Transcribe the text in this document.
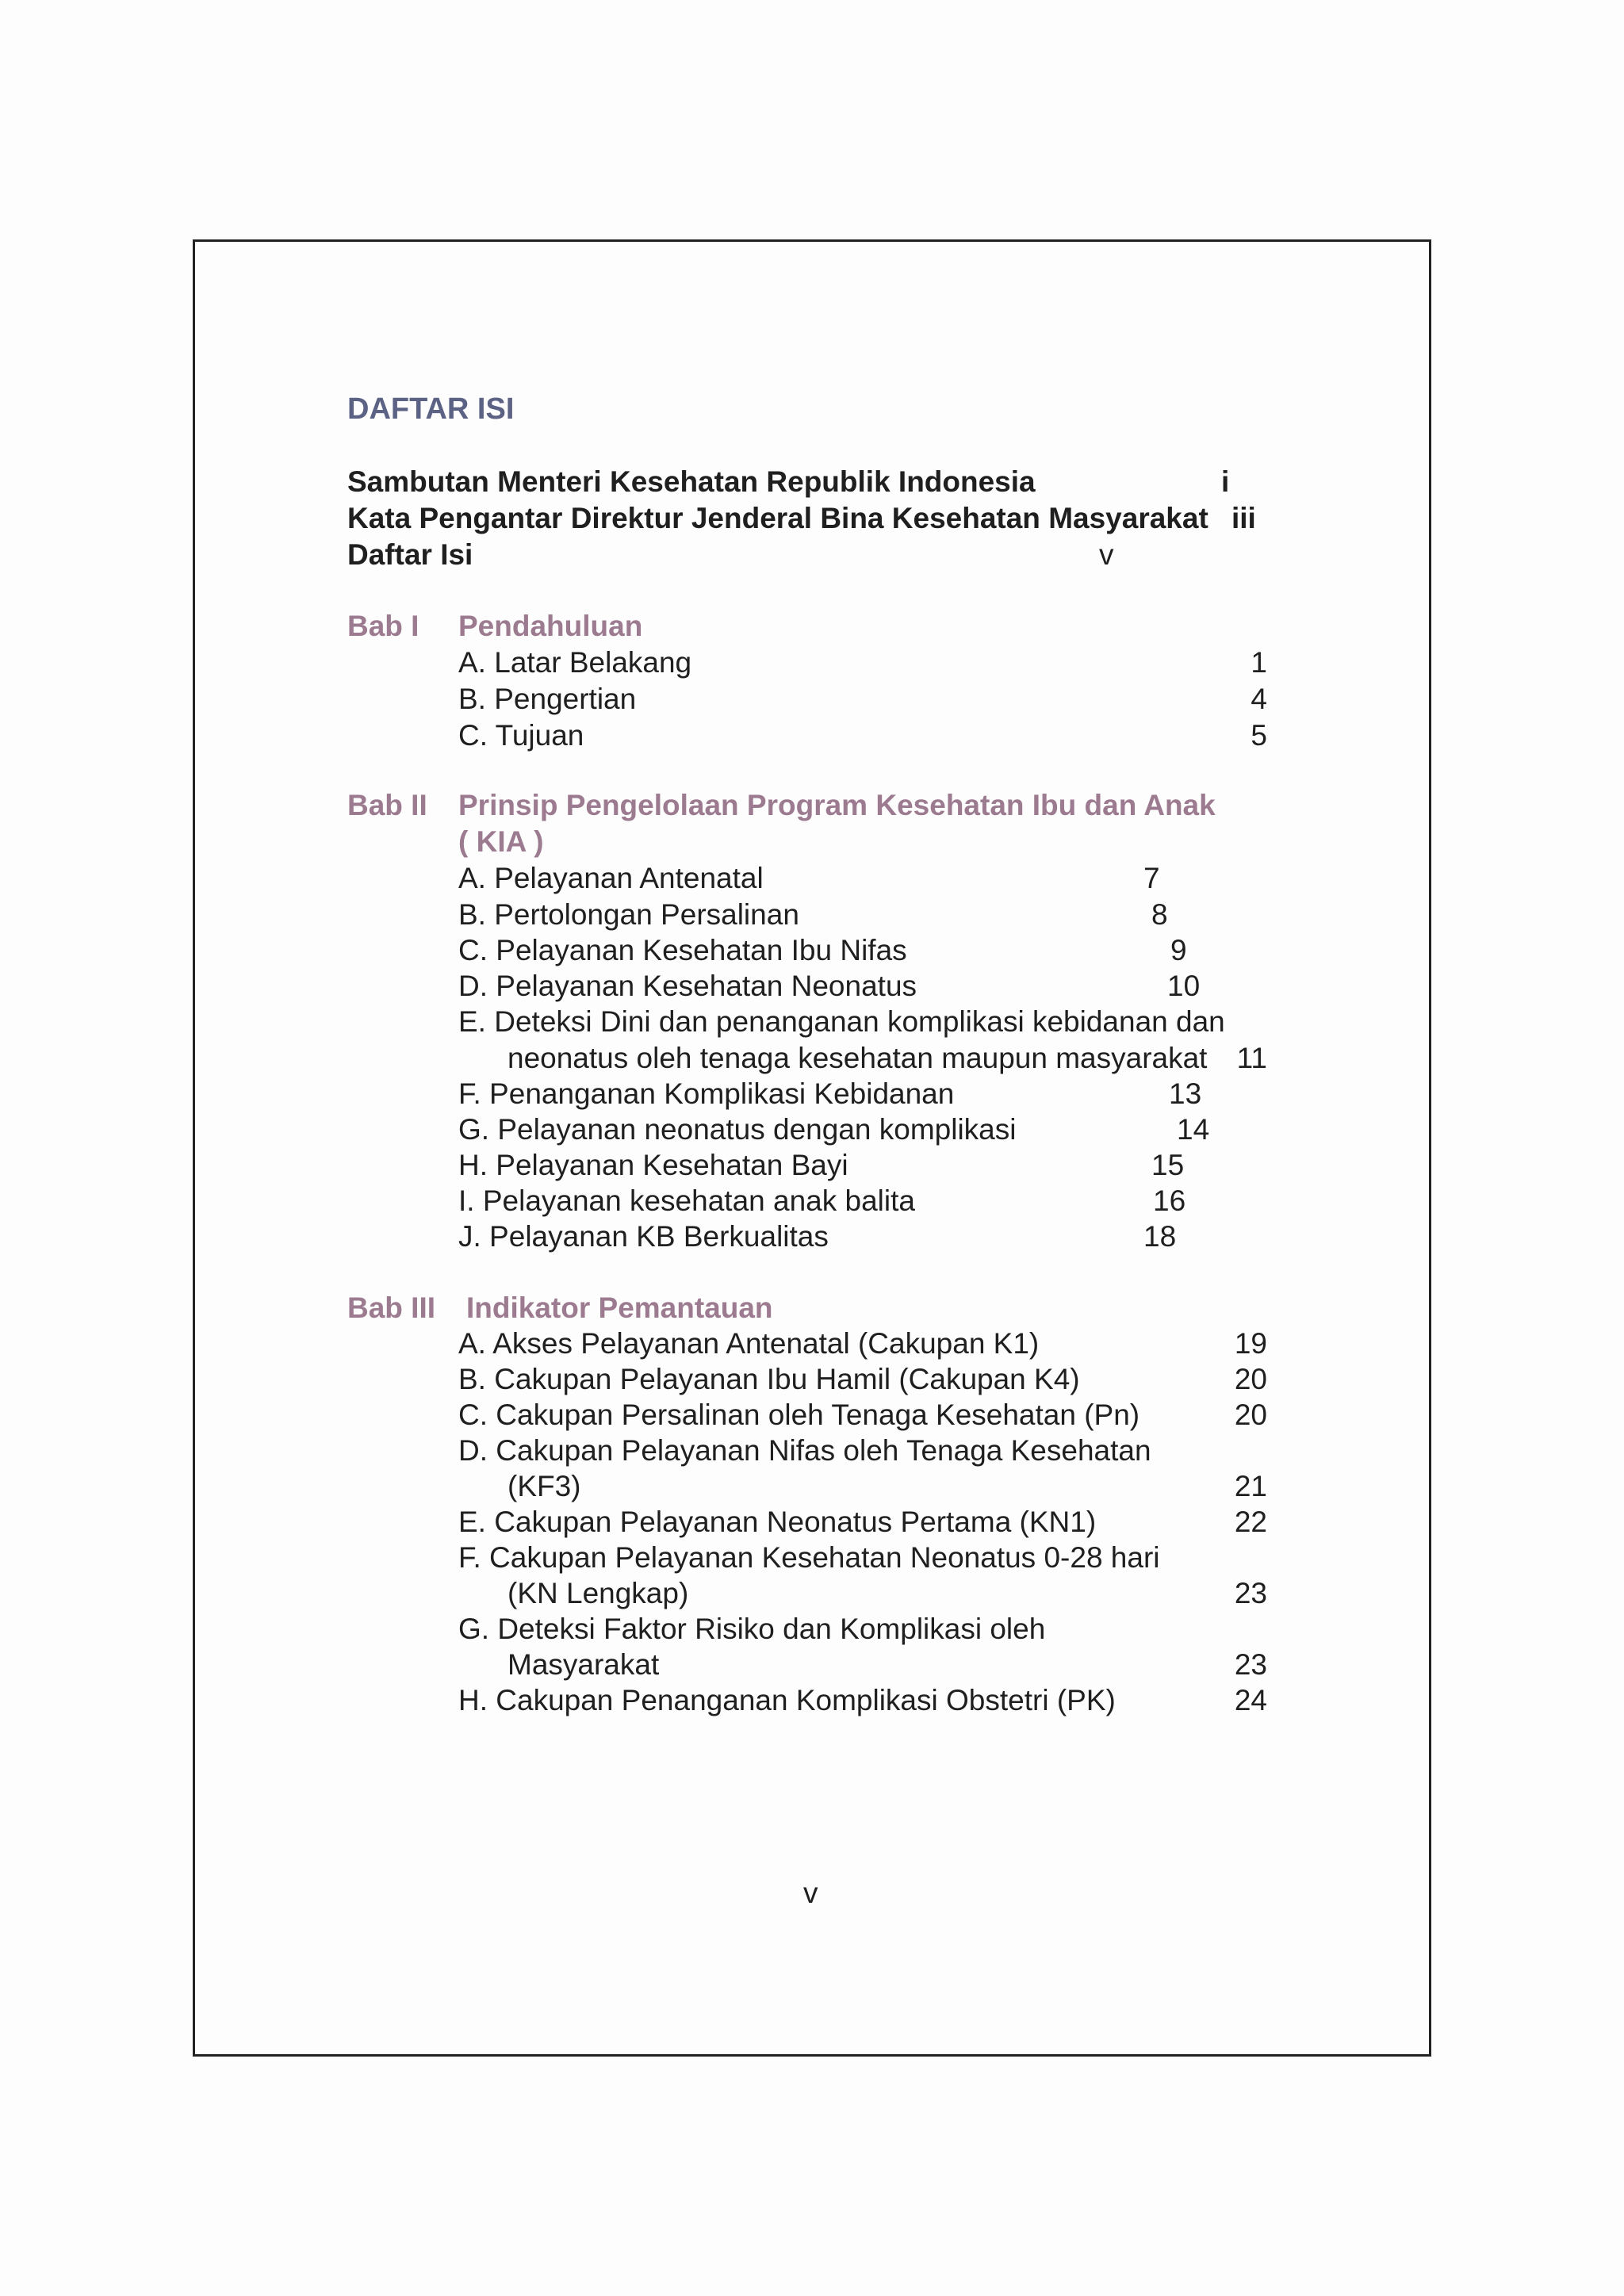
DAFTAR ISI
Sambutan Menteri Kesehatan Republik Indonesia	i
Kata Pengantar Direktur Jenderal Bina Kesehatan Masyarakat iii
Daftar Isi	v
Bab I Pendahuluan
A. Latar Belakang	1
B. Pengertian	4
C. Tujuan	5
Bab II Prinsip Pengelolaan Program Kesehatan Ibu dan Anak
( KIA )
A. Pelayanan Antenatal	7
B. Pertolongan Persalinan	8
C. Pelayanan Kesehatan Ibu Nifas	9
D. Pelayanan Kesehatan Neonatus	10
E. Deteksi Dini dan penanganan komplikasi kebidanan dan
neonatus oleh tenaga kesehatan maupun masyarakat	11
F. Penanganan Komplikasi Kebidanan	13
G. Pelayanan neonatus dengan komplikasi	14
H. Pelayanan Kesehatan Bayi	15
I. Pelayanan kesehatan anak balita	16
J. Pelayanan KB Berkualitas	18
Bab III Indikator Pemantauan
A. Akses Pelayanan Antenatal (Cakupan K1)	19
B. Cakupan Pelayanan Ibu Hamil (Cakupan K4)	20
C. Cakupan Persalinan oleh Tenaga Kesehatan (Pn)	20
D. Cakupan Pelayanan Nifas oleh Tenaga Kesehatan
(KF3)	21
E. Cakupan Pelayanan Neonatus Pertama (KN1)	22
F. Cakupan Pelayanan Kesehatan Neonatus 0-28 hari
(KN Lengkap)	23
G. Deteksi Faktor Risiko dan Komplikasi oleh
Masyarakat	23
H. Cakupan Penanganan Komplikasi Obstetri (PK)	24
v
